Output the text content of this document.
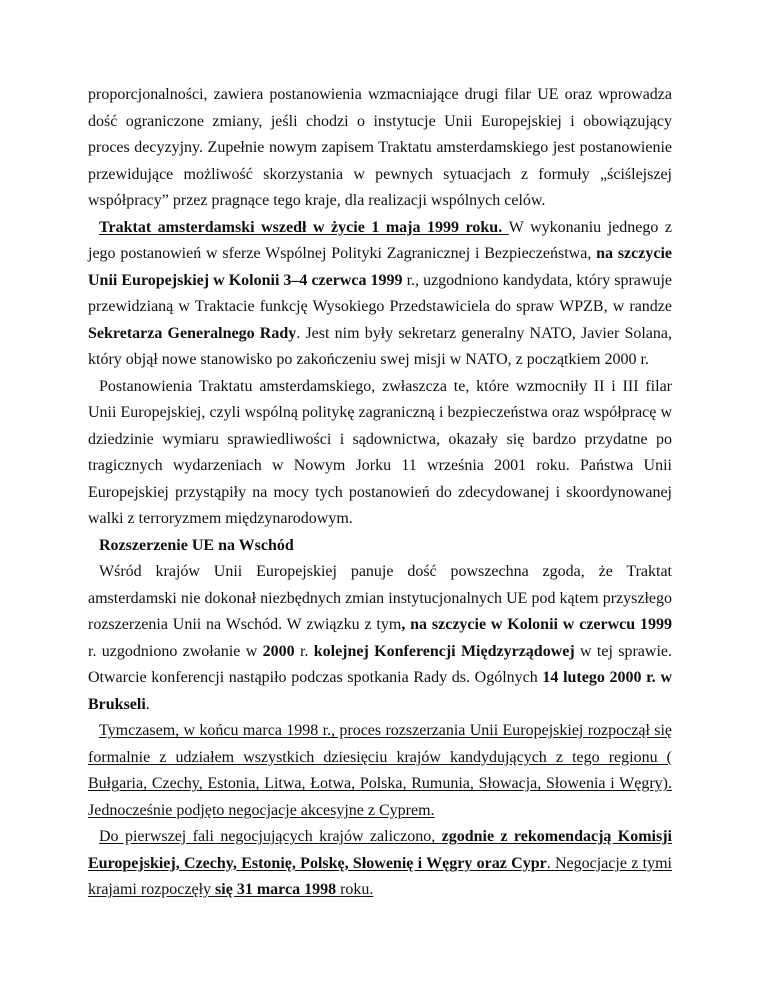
proporcjonalności, zawiera postanowienia wzmacniające drugi filar UE oraz wprowadza dość ograniczone zmiany, jeśli chodzi o instytucje Unii Europejskiej i obowiązujący proces decyzyjny. Zupełnie nowym zapisem Traktatu amsterdamskiego jest postanowienie przewidujące możliwość skorzystania w pewnych sytuacjach z formuły „ściślejszej współpracy” przez pragnące tego kraje, dla realizacji wspólnych celów.

Traktat amsterdamski wszedł w życie 1 maja 1999 roku. W wykonaniu jednego z jego postanowień w sferze Wspólnej Polityki Zagranicznej i Bezpieczeństwa, na szczycie Unii Europejskiej w Kolonii 3–4 czerwca 1999 r., uzgodniono kandydata, który sprawuje przewidzianą w Traktacie funkcję Wysokiego Przedstawiciela do spraw WPZB, w randze Sekretarza Generalnego Rady. Jest nim były sekretarz generalny NATO, Javier Solana, który objął nowe stanowisko po zakończeniu swej misji w NATO, z początkiem 2000 r.

Postanowienia Traktatu amsterdamskiego, zwłaszcza te, które wzmocniły II i III filar Unii Europejskiej, czyli wspólną politykę zagraniczną i bezpieczeństwa oraz współpracę w dziedzinie wymiaru sprawiedliwości i sądownictwa, okazały się bardzo przydatne po tragicznych wydarzeniach w Nowym Jorku 11 września 2001 roku. Państwa Unii Europejskiej przystąpiły na mocy tych postanowień do zdecydowanej i skoordynowanej walki z terroryzmem międzynarodowym.

Rozszerzenie UE na Wschód

Wśród krajów Unii Europejskiej panuje dość powszechna zgoda, że Traktat amsterdamski nie dokonał niezbędnych zmian instytucjonalnych UE pod kątem przyszłego rozszerzenia Unii na Wschód. W związku z tym, na szczycie w Kolonii w czerwcu 1999 r. uzgodniono zwołanie w 2000 r. kolejnej Konferencji Międzyrządowej w tej sprawie. Otwarcie konferencji nastąpiło podczas spotkania Rady ds. Ogólnych 14 lutego 2000 r. w Brukseli.

Tymczasem, w końcu marca 1998 r., proces rozszerzania Unii Europejskiej rozpoczął się formalnie z udziałem wszystkich dziesięciu krajów kandydujących z tego regionu ( Bułgaria, Czechy, Estonia, Litwa, Łotwa, Polska, Rumunia, Słowacja, Słowenia i Węgry). Jednocześnie podjęto negocjacje akcesyjne z Cyprem.

Do pierwszej fali negocjujących krajów zaliczono, zgodnie z rekomendacją Komisji Europejskiej, Czechy, Estonię, Polskę, Słowenię i Węgry oraz Cypr. Negocjacje z tymi krajami rozpoczęły się 31 marca 1998 roku.
